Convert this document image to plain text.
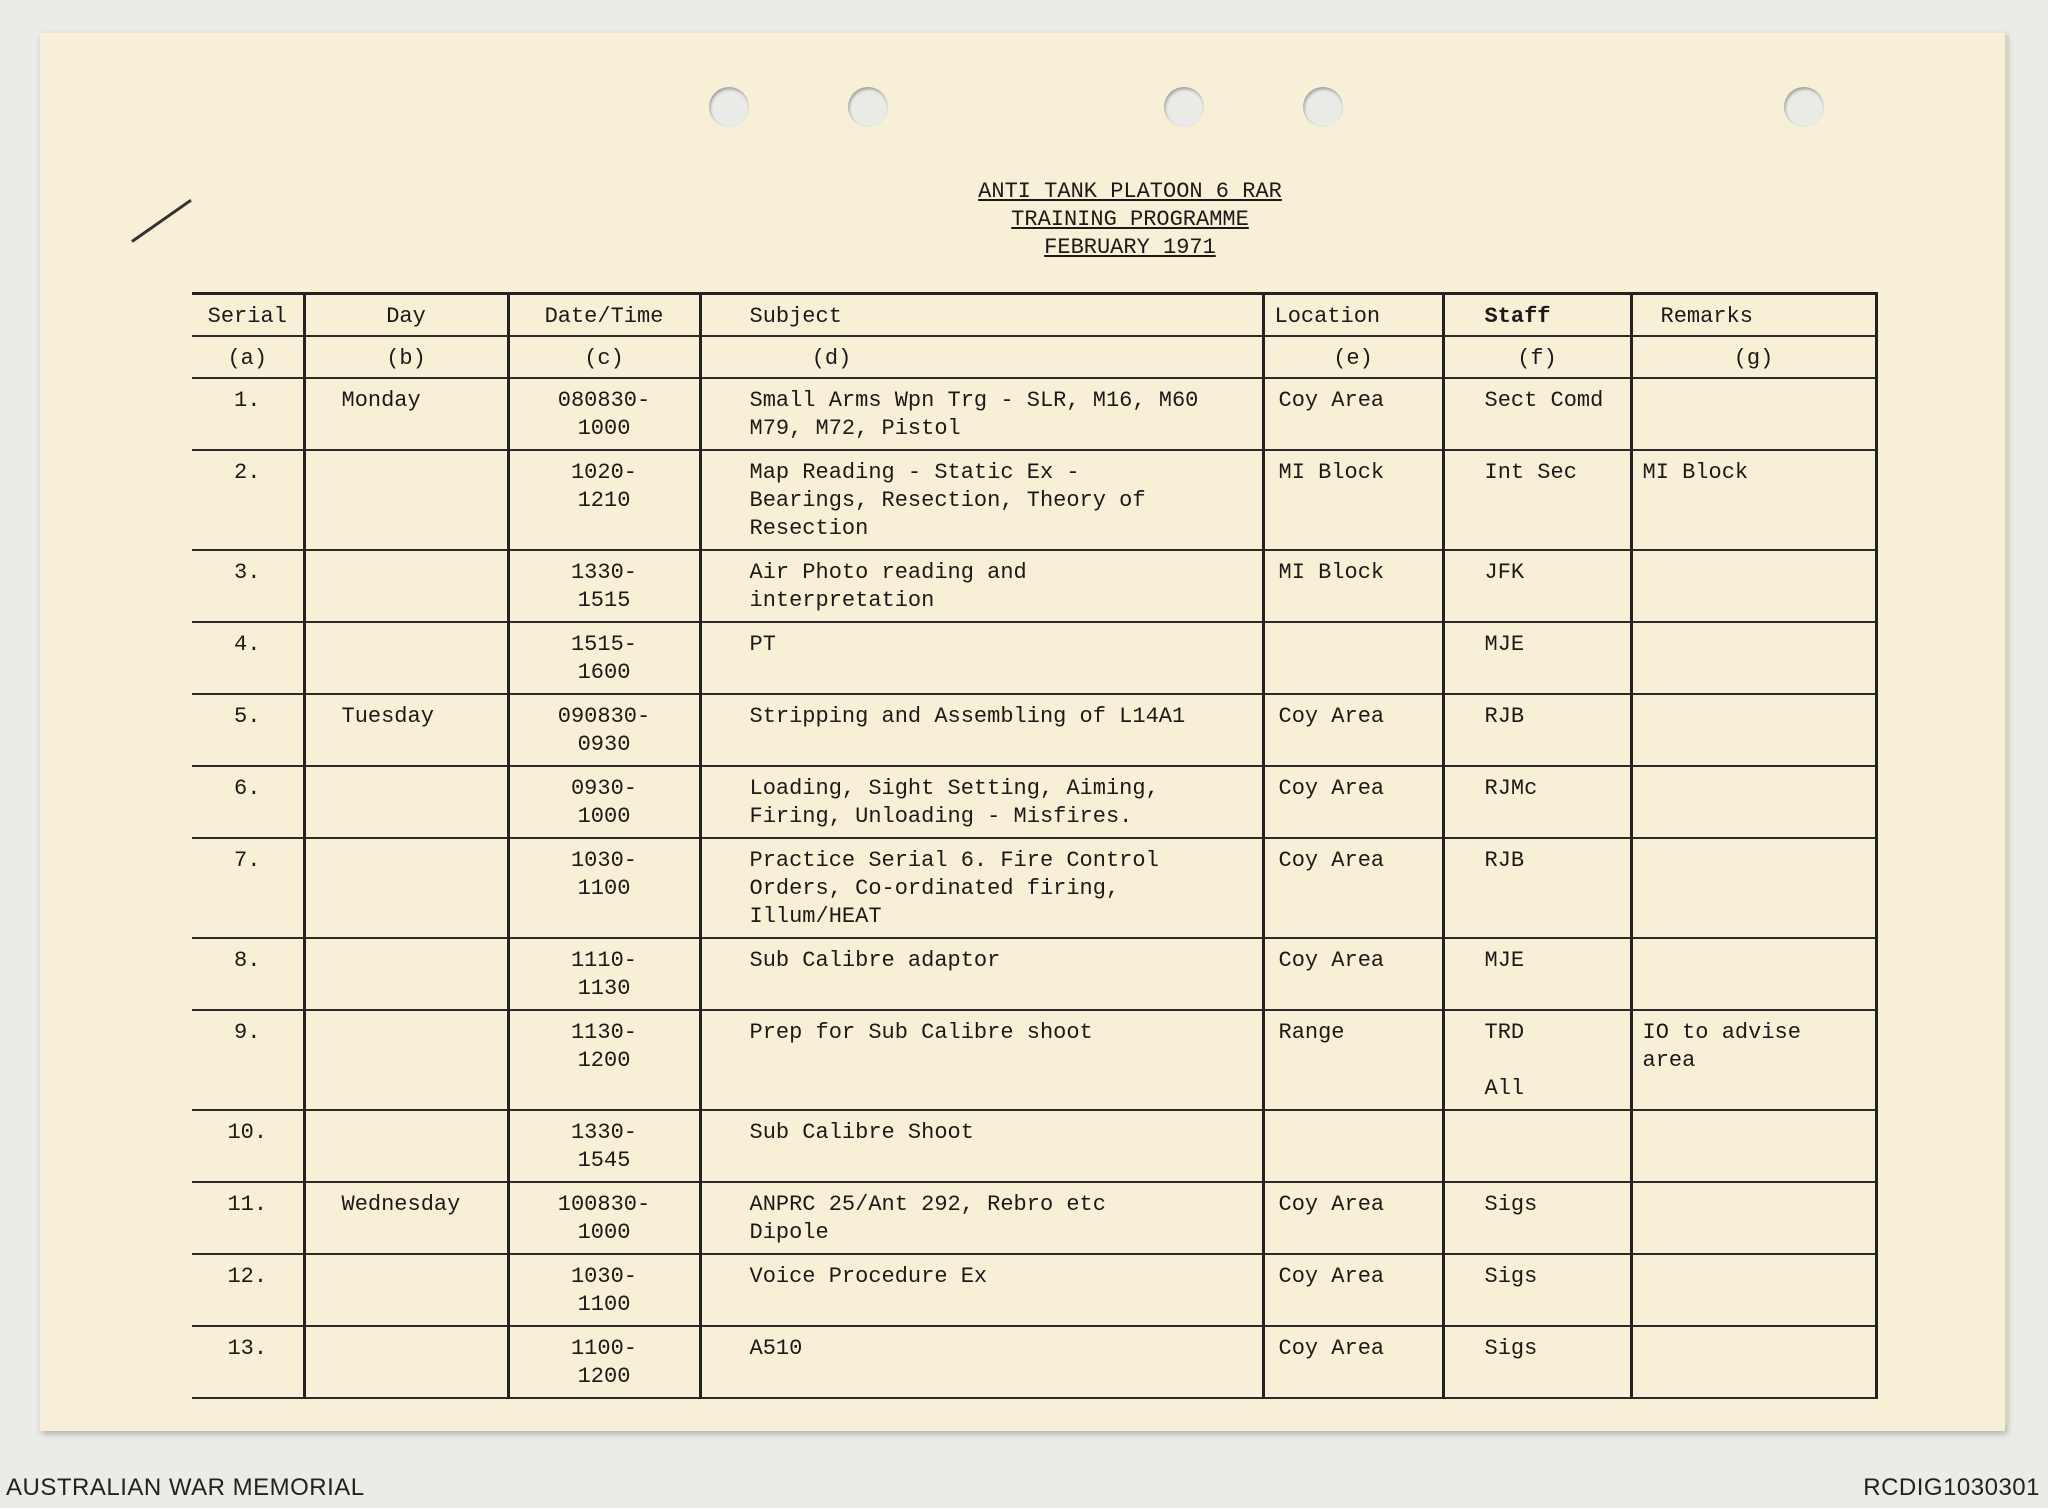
ANTI TANK PLATOON 6 RAR
TRAINING PROGRAMME
FEBRUARY 1971
Serial	Day	Date/Time	Subject	Location	Staff	Remarks
(a)	(b)	(c)	(d)	(e)	(f)	(g)
1.	Monday	080830-
1000	Small Arms Wpn Trg - SLR, M16, M60
M79, M72, Pistol	Coy Area	Sect Comd	
2.		1020-
1210	Map Reading - Static Ex -
Bearings, Resection, Theory of
Resection	MI Block	Int Sec	MI Block
3.		1330-
1515	Air Photo reading and
interpretation	MI Block	JFK	
4.		1515-
1600	PT		MJE	
5.	Tuesday	090830-
0930	Stripping and Assembling of L14A1	Coy Area	RJB	
6.		0930-
1000	Loading, Sight Setting, Aiming,
Firing, Unloading - Misfires.	Coy Area	RJMc	
7.		1030-
1100	Practice Serial 6. Fire Control
Orders, Co-ordinated firing,
Illum/HEAT	Coy Area	RJB	
8.		1110-
1130	Sub Calibre adaptor	Coy Area	MJE	
9.		1130-
1200	Prep for Sub Calibre shoot	Range	TRD

All	IO to advise
area
10.		1330-
1545	Sub Calibre Shoot			
11.	Wednesday	100830-
1000	ANPRC 25/Ant 292, Rebro etc
Dipole	Coy Area	Sigs	
12.		1030-
1100	Voice Procedure Ex	Coy Area	Sigs	
13.		1100-
1200	A510	Coy Area	Sigs	
AUSTRALIAN WAR MEMORIAL	RCDIG1030301
